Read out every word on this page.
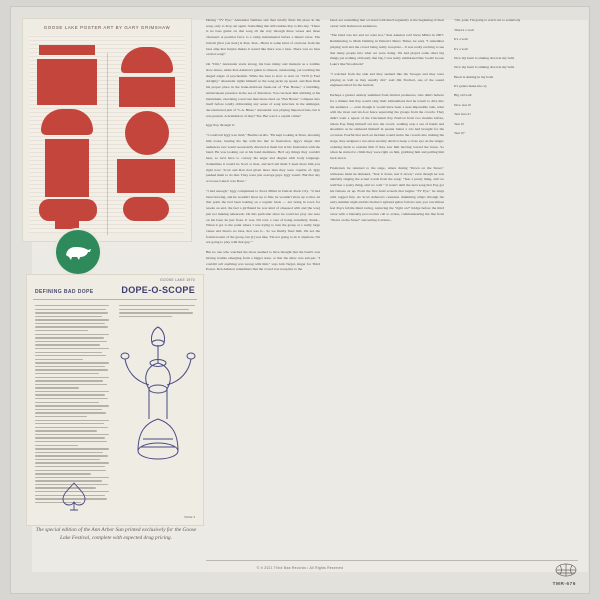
GOOSE LAKE POSTER ART BY GARY GRIMSHAW
GOOSE LAKE 1970
DEFINING BAD DOPE	DOPE-O-SCOPE
PAGE 3
The special edition of the Ann Arbor Sun printed exclusively for the Goose Lake Festival, complete with expected drug pricing.

During "TV Eye," Alexander fumbles and then briefly finds his place in the song, only to drop out again. Something that still rankles Pop to this day. "There is no bass guitar on that song all the way through three verses and three choruses! A peculiar farce to a vamp instrumental before a muted verse. The bottom [that you hear] is Ron. Ron—Brent is some kind of overtone from the bass amp that maybe makes it sound like there was a bass. There was no bass on that song!"

On "Dirt," Alexander starts strong, his bass slinky and insistent as a zombie slow dance, while Ron Asheton's guitar is sinuous, unrelenting, yet touching the singed edges of psychedelia. While the bass is slow to start on "1970 (I Feel Alright)," Alexander rights himself as the song picks up speed, and then finds his proper place in the honk-delicious freak-out of "Fun House," a bubbling, subterranean presence in the sea of distortion. You can hear him stabbing at his instrument, executing a nervous marcatone buzz on "Fun House" collapses into itself before totally obliterating any sense of song structure in the unhinged, deconstructed jam of "L.A. Blues." Alexander was playing imported bass, but it was present. A demolition of duty? Yes. But was it a capital crime?

Iggy Pop through it:

"I could tell Iggy was livid," Beattie recalls. "He kept looking at Dave, shooting him looks, beating his hip with his mic in frustration. Iggy's singer that audiences saw wasn't necessarily directed at them but at his frustration with the band. He was looking out at his band members. He'd say things they couldn't hear, so he'd have to convey his anger and disgust with body language. Sometimes it would be Scott or Ron, and he'd tell them 'I need more him you right now.' Scott and Ron had given more than they were capable of. Iggy pushed them to do that. They were just average guys. Iggy wasn't. But that day at Goose Lake it was Dave."

"I had enough," Iggy complained to Steve Miller in Detroit Rock City. "It had been brewing, and he wouldn't show up to first, he wouldn't show up to that. At that point the bad been leaning on a regular basis — not being in town for weeks on end, the feel a girlfriend he was kind of obsessed with and [he was] just not making rehearsals. On this particular show he could not play one note on his bass; he just froze. It was, I'm told, a case of being extremely drunk... When it got to the point where I was trying to turn the group at a really large venue and there's no bass, that was it... So we finally fired him. I'm not the formal leader of the group, but [I] was like, 'I'm not going to do it anymore. I'm not going to play with that guy.’"

But no one who watched the show seemed to have thought that the band's was having trouble emerging from a bigger state, or that the show was sub-par. "I couldn't tell anything was wrong with him," says Jem Targal, singer for Third Power. Ron Asheton remembers that the crowd was receptive to the

band, not something that occurred with much regularity at the beginning of their career with hometown audiences.

"The band was hot and we were hot," Ron Asheton told Steve Miller in 2007. Reminiscing to Mark Deming in Detroit's Metro Times, he said, "I remember playing well and the crowd being really receptive... It was really exciting to see that many people into what we were doing. We had played some other big things [on nothing obviously that big, I was really exhilarated like 'Gosh! Goose Lake's like Woodstock!'

"I watched from the side and they seemed like the Stooges and they were playing as well as they usually did," said Jim Trachett, one of the sound engineers hired for the festival.

Perhaps a greater anxiety stemmed from festival promoters, who didn't believe for a minute that Pop would obey their admonitions that he wasn't to dive into the audience — even though it would have been a near-impossible task, what with the moat and six-foot fence separating the groups from the crowds. They didn't want a repeat of the Cincinnati Pop Festival from two months before, where Pop flung himself out into the crowd, walking atop a sea of hands and shoulders as he slathered himself in peanut butter a trio had brought for the occasion. Fearful that such an incident would incite the crowds into rushing the stage, they assigned a two-man security detail to keep a close eye on the singer, ordering them to restrain him if they saw him moving toward the fence. So when he started to climb they were right on him, grabbing him and pulling him back down.

Frustrated, he returned to the stage, where during "Down on the Street," witnesses insist he shrieked, "Tear it down, tear it down," even though he was dutifully singing the actual words from the song: "Tear a pretty thing, ain't no wall/See a pretty thing, ain't no wall." It wasn't until the next song that Pop got his famous ax up. From the first fetid screech that begins "TV Eye," he sings with ragged fury. As Scott Asheton's ceaseless drumming whips through the early summer night and his brother's agitated guitar follows suit, you can almost feel Pop's febrile mind racing, replacing the "right on!" bridge before the third verse with a blatantly provocative call to action, commandeering the line from "Down on the Street" and setting it ablaze...

"Oh, yeah, I'm going to reach out to somebody

There's a wall

It's a wall

It's a wall

Now my heart is sinking down in my balls

Now my heart is sinking down in my balls

Heart is sinking in my balls

It's gonna make me cry

Big old wall

Now tear it!

Tear into it!

Tear it!

Tear it!"

© ℗ 2021 Third Man Records • All Rights Reserved
TMR-676
